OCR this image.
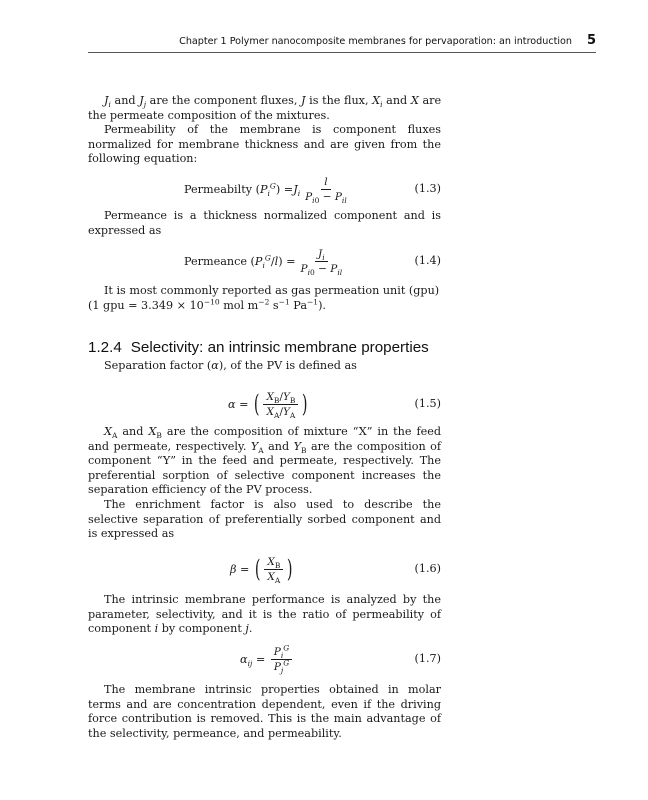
Chapter 1 Polymer nanocomposite membranes for pervaporation: an introduction 5

$J_i$ and $J_j$ are the component fluxes, J is the flux, $X_i$ and X are the permeate composition of the mixtures.

Permeability of the membrane is component fluxes normalized for membrane thickness and are given from the following equation:

Permeabilty ( $P_i^G$ ) = $J_i \frac{l}{P_{i0} - P_{il}}$	(1.3)

Permeance is a thickness normalized component and is expressed as

Permeance ( $P_i^G$ / l ) = $\frac{J_i}{P_{i0} - P_{il}}$	(1.4)

It is most commonly reported as gas permeation unit (gpu)
(1 gpu = $3.349 \times 10^{-10}$ mol $m^{-2}$ $s^{-1}$ $Pa^{-1}$).

1.2.4 Selectivity: an intrinsic membrane properties

Separation factor (α), of the PV is defined as

α = ( $\frac{X_B/Y_B}{X_A/Y_A}$ )	(1.5)

$X_A$ and $X_B$ are the composition of mixture “X” in the feed and permeate, respectively. $Y_A$ and $Y_B$ are the composition of component “Y” in the feed and permeate, respectively. The preferential sorption of selective component increases the separation efficiency of the PV process.

The enrichment factor is also used to describe the selective separation of preferentially sorbed component and is expressed as

β = ( $\frac{X_B}{X_A}$ )	(1.6)

The intrinsic membrane performance is analyzed by the parameter, selectivity, and it is the ratio of permeability of component i by component j.

$\alpha_{ij} = \frac{P_i^G}{P_j^G}$	(1.7)

The membrane intrinsic properties obtained in molar terms and are concentration dependent, even if the driving force contribution is removed. This is the main advantage of the selectivity, permeance, and permeability.
